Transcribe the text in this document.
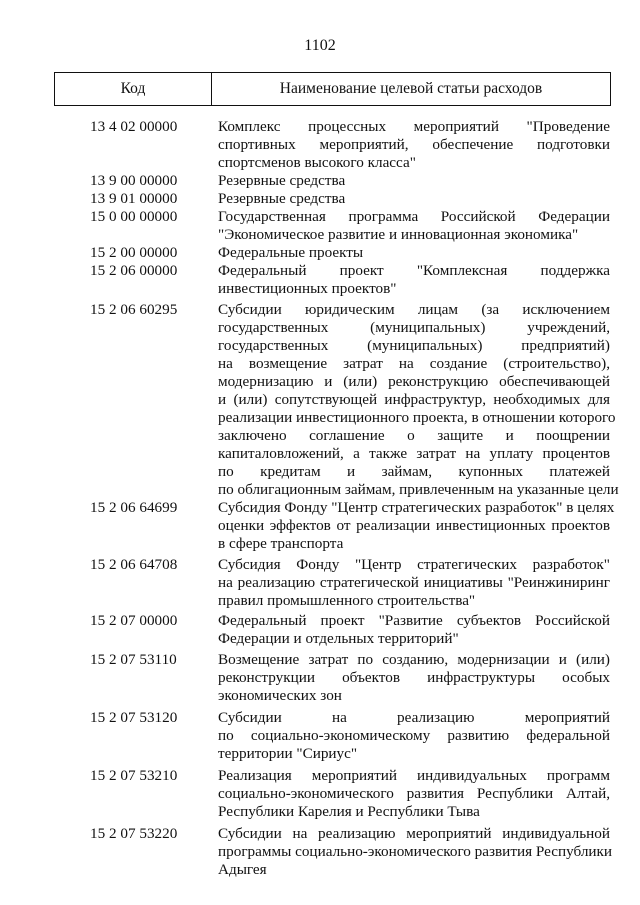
1102
Код	Наименование целевой статьи расходов
13 4 02 00000	Комплекс процессных мероприятий "Проведение
спортивных мероприятий, обеспечение подготовки
спортсменов высокого класса"
13 9 00 00000	Резервные средства
13 9 01 00000	Резервные средства
15 0 00 00000	Государственная программа Российской Федерации
"Экономическое развитие и инновационная экономика"
15 2 00 00000	Федеральные проекты
15 2 06 00000	Федеральный проект "Комплексная поддержка
инвестиционных проектов"
15 2 06 60295	Субсидии юридическим лицам (за исключением
государственных (муниципальных) учреждений,
государственных (муниципальных) предприятий)
на возмещение затрат на создание (строительство),
модернизацию и (или) реконструкцию обеспечивающей
и (или) сопутствующей инфраструктур, необходимых для
реализации инвестиционного проекта, в отношении которого
заключено соглашение о защите и поощрении
капиталовложений, а также затрат на уплату процентов
по кредитам и займам, купонных платежей
по облигационным займам, привлеченным на указанные цели
15 2 06 64699	Субсидия Фонду "Центр стратегических разработок" в целях
оценки эффектов от реализации инвестиционных проектов
в сфере транспорта
15 2 06 64708	Субсидия Фонду "Центр стратегических разработок"
на реализацию стратегической инициативы "Реинжиниринг
правил промышленного строительства"
15 2 07 00000	Федеральный проект "Развитие субъектов Российской
Федерации и отдельных территорий"
15 2 07 53110	Возмещение затрат по созданию, модернизации и (или)
реконструкции объектов инфраструктуры особых
экономических зон
15 2 07 53120	Субсидии на реализацию мероприятий
по социально-экономическому развитию федеральной
территории "Сириус"
15 2 07 53210	Реализация мероприятий индивидуальных программ
социально-экономического развития Республики Алтай,
Республики Карелия и Республики Тыва
15 2 07 53220	Субсидии на реализацию мероприятий индивидуальной
программы социально-экономического развития Республики
Адыгея
